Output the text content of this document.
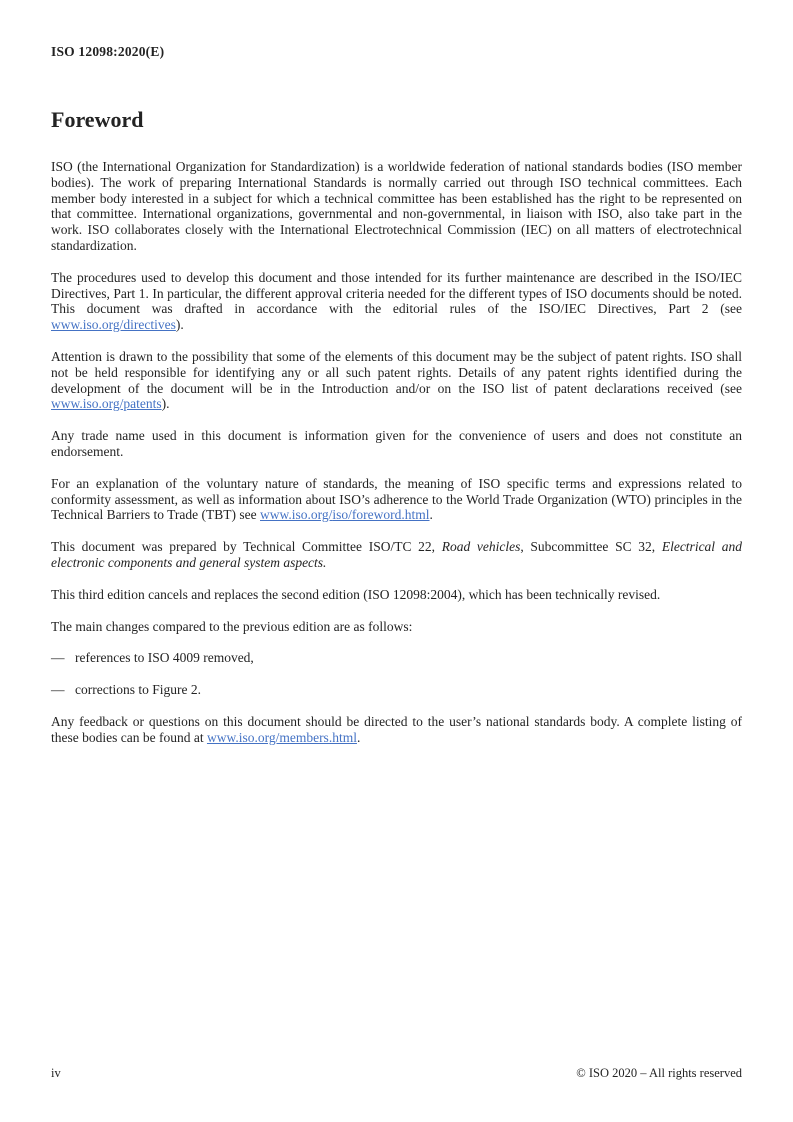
ISO 12098:2020(E)
Foreword

ISO (the International Organization for Standardization) is a worldwide federation of national standards bodies (ISO member bodies). The work of preparing International Standards is normally carried out through ISO technical committees. Each member body interested in a subject for which a technical committee has been established has the right to be represented on that committee. International organizations, governmental and non-governmental, in liaison with ISO, also take part in the work. ISO collaborates closely with the International Electrotechnical Commission (IEC) on all matters of electrotechnical standardization.

The procedures used to develop this document and those intended for its further maintenance are described in the ISO/IEC Directives, Part 1. In particular, the different approval criteria needed for the different types of ISO documents should be noted. This document was drafted in accordance with the editorial rules of the ISO/IEC Directives, Part 2 (see www.iso.org/directives).

Attention is drawn to the possibility that some of the elements of this document may be the subject of patent rights. ISO shall not be held responsible for identifying any or all such patent rights. Details of any patent rights identified during the development of the document will be in the Introduction and/or on the ISO list of patent declarations received (see www.iso.org/patents).

Any trade name used in this document is information given for the convenience of users and does not constitute an endorsement.

For an explanation of the voluntary nature of standards, the meaning of ISO specific terms and expressions related to conformity assessment, as well as information about ISO’s adherence to the World Trade Organization (WTO) principles in the Technical Barriers to Trade (TBT) see www.iso.org/iso/foreword.html.

This document was prepared by Technical Committee ISO/TC 22, Road vehicles, Subcommittee SC 32, Electrical and electronic components and general system aspects.

This third edition cancels and replaces the second edition (ISO 12098:2004), which has been technically revised.

The main changes compared to the previous edition are as follows:

— references to ISO 4009 removed,
— corrections to Figure 2.

Any feedback or questions on this document should be directed to the user’s national standards body. A complete listing of these bodies can be found at www.iso.org/members.html.

iv	© ISO 2020 – All rights reserved
